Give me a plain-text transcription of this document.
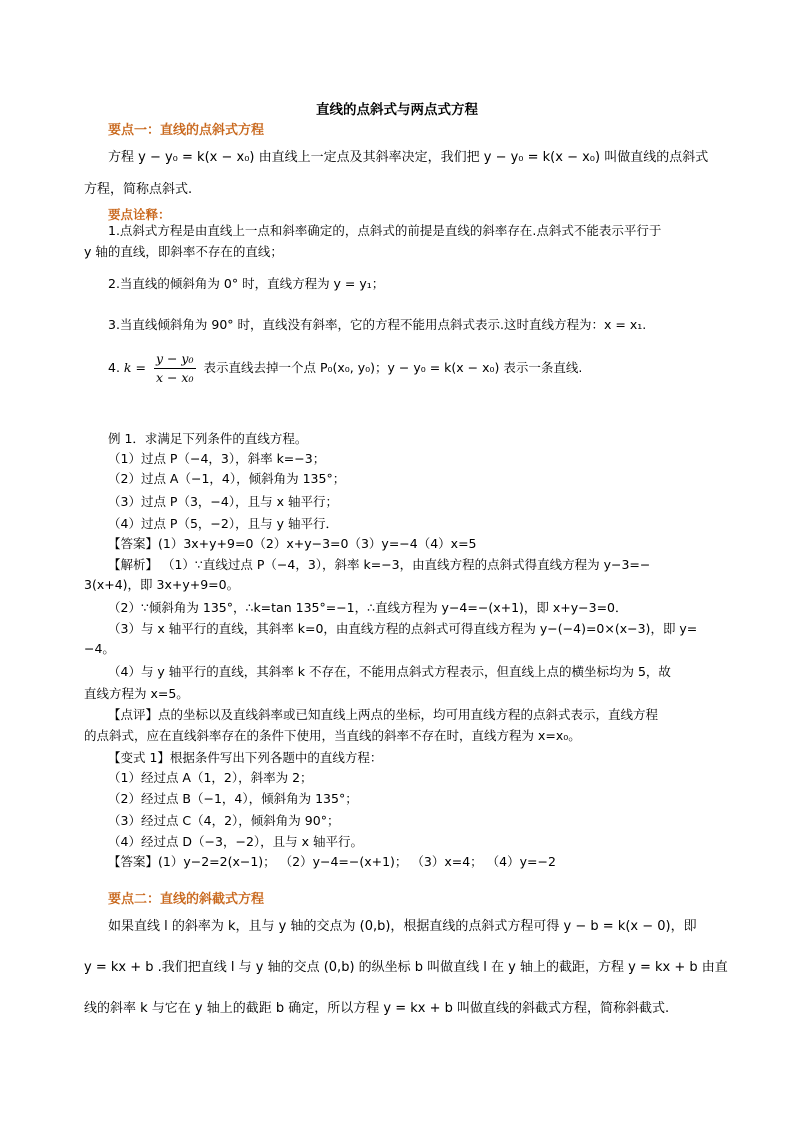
直线的点斜式与两点式方程
要点一：直线的点斜式方程
方程 y − y₀ = k(x − x₀) 由直线上一定点及其斜率决定，我们把 y − y₀ = k(x − x₀) 叫做直线的点斜式
方程，简称点斜式.
要点诠释：
1.点斜式方程是由直线上一点和斜率确定的，点斜式的前提是直线的斜率存在.点斜式不能表示平行于
y 轴的直线，即斜率不存在的直线；
2.当直线的倾斜角为 0° 时，直线方程为 y = y₁；
3.当直线倾斜角为 90° 时，直线没有斜率，它的方程不能用点斜式表示.这时直线方程为：x = x₁.
4. $k = \frac{\text{y − y₀}}{\text{x − x₀}}$ 表示直线去掉一个点 P₀(x₀, y₀)；y − y₀ = k(x − x₀) 表示一条直线.
例 1．求满足下列条件的直线方程。
（1）过点 P（−4，3），斜率 k=−3；
（2）过点 A（−1，4），倾斜角为 135°；
（3）过点 P（3，−4），且与 x 轴平行；
（4）过点 P（5，−2），且与 y 轴平行．
【答案】(1）3x+y+9=0（2）x+y−3=0（3）y=−4（4）x=5
【解析】 （1）∵直线过点 P（−4，3），斜率 k=−3，由直线方程的点斜式得直线方程为 y−3=−
3(x+4)，即 3x+y+9=0。
（2）∵倾斜角为 135°，∴k=tan 135°=−1，∴直线方程为 y−4=−(x+1)，即 x+y−3=0．
（3）与 x 轴平行的直线，其斜率 k=0，由直线方程的点斜式可得直线方程为 y−(−4)=0×(x−3)，即 y=
−4。
（4）与 y 轴平行的直线，其斜率 k 不存在，不能用点斜式方程表示，但直线上点的横坐标均为 5，故
直线方程为 x=5。
【点评】点的坐标以及直线斜率或已知直线上两点的坐标，均可用直线方程的点斜式表示，直线方程
的点斜式，应在直线斜率存在的条件下使用，当直线的斜率不存在时，直线方程为 x=x₀。
【变式 1】根据条件写出下列各题中的直线方程：
（1）经过点 A（1，2），斜率为 2；
（2）经过点 B（−1，4），倾斜角为 135°；
（3）经过点 C（4，2），倾斜角为 90°；
（4）经过点 D（−3，−2），且与 x 轴平行。
【答案】(1）y−2=2(x−1)； （2）y−4=−(x+1)； （3）x=4； （4）y=−2
要点二：直线的斜截式方程
如果直线 l 的斜率为 k，且与 y 轴的交点为 (0,b)，根据直线的点斜式方程可得 y − b = k(x − 0)，即
y = kx + b .我们把直线 l 与 y 轴的交点 (0,b) 的纵坐标 b 叫做直线 l 在 y 轴上的截距，方程 y = kx + b 由直
线的斜率 k 与它在 y 轴上的截距 b 确定，所以方程 y = kx + b 叫做直线的斜截式方程，简称斜截式.
